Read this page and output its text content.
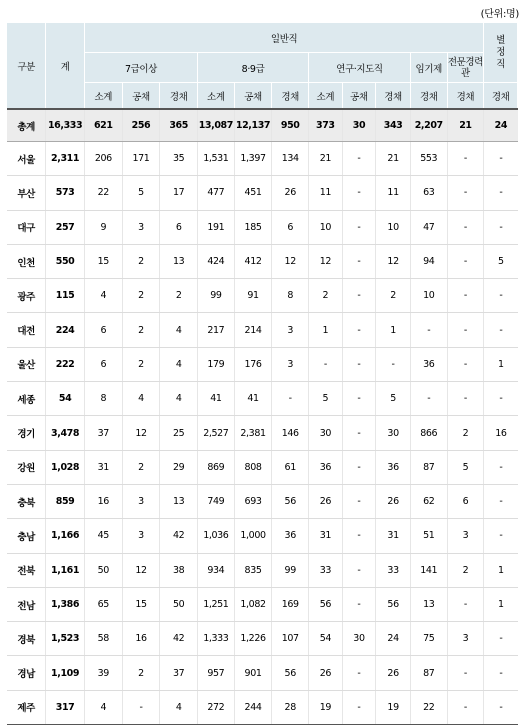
(단위:명)
구분	계	일반직											별정직
		7급이상			8·9급			연구·지도직			임기제	전문경력관	
		소계	공채	경채	소계	공채	경채	소계	공채	경채	경채	경채	경채
총계	16,333	621	256	365	13,087	12,137	950	373	30	343	2,207	21	24
서울	2,311	206	171	35	1,531	1,397	134	21	-	21	553	-	-
부산	573	22	5	17	477	451	26	11	-	11	63	-	-
대구	257	9	3	6	191	185	6	10	-	10	47	-	-
인천	550	15	2	13	424	412	12	12	-	12	94	-	5
광주	115	4	2	2	99	91	8	2	-	2	10	-	-
대전	224	6	2	4	217	214	3	1	-	1	-	-	-
울산	222	6	2	4	179	176	3	-	-	-	36	-	1
세종	54	8	4	4	41	41	-	5	-	5	-	-	-
경기	3,478	37	12	25	2,527	2,381	146	30	-	30	866	2	16
강원	1,028	31	2	29	869	808	61	36	-	36	87	5	-
충북	859	16	3	13	749	693	56	26	-	26	62	6	-
충남	1,166	45	3	42	1,036	1,000	36	31	-	31	51	3	-
전북	1,161	50	12	38	934	835	99	33	-	33	141	2	1
전남	1,386	65	15	50	1,251	1,082	169	56	-	56	13	-	1
경북	1,523	58	16	42	1,333	1,226	107	54	30	24	75	3	-
경남	1,109	39	2	37	957	901	56	26	-	26	87	-	-
제주	317	4	-	4	272	244	28	19	-	19	22	-	-
